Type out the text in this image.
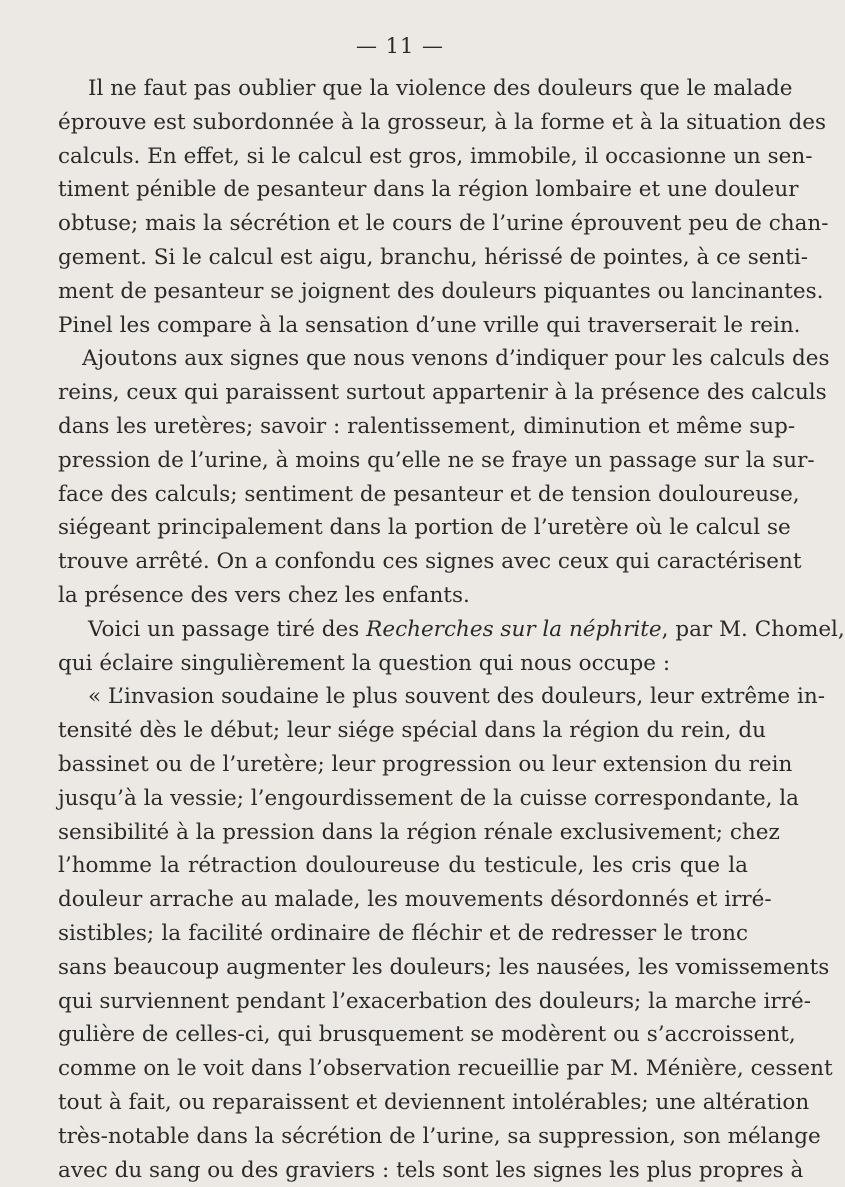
— 11 —
Il ne faut pas oublier que la violence des douleurs que le malade
éprouve est subordonnée à la grosseur, à la forme et à la situation des
calculs. En effet, si le calcul est gros, immobile, il occasionne un sen-
timent pénible de pesanteur dans la région lombaire et une douleur
obtuse; mais la sécrétion et le cours de l’urine éprouvent peu de chan-
gement. Si le calcul est aigu, branchu, hérissé de pointes, à ce senti-
ment de pesanteur se joignent des douleurs piquantes ou lancinantes.
Pinel les compare à la sensation d’une vrille qui traverserait le rein.
Ajoutons aux signes que nous venons d’indiquer pour les calculs des
reins, ceux qui paraissent surtout appartenir à la présence des calculs
dans les uretères; savoir : ralentissement, diminution et même sup-
pression de l’urine, à moins qu’elle ne se fraye un passage sur la sur-
face des calculs; sentiment de pesanteur et de tension douloureuse,
siégeant principalement dans la portion de l’uretère où le calcul se
trouve arrêté. On a confondu ces signes avec ceux qui caractérisent
la présence des vers chez les enfants.
Voici un passage tiré des Recherches sur la néphrite, par M. Chomel,
qui éclaire singulièrement la question qui nous occupe :
« L’invasion soudaine le plus souvent des douleurs, leur extrême in-
tensité dès le début; leur siége spécial dans la région du rein, du
bassinet ou de l’uretère; leur progression ou leur extension du rein
jusqu’à la vessie; l’engourdissement de la cuisse correspondante, la
sensibilité à la pression dans la région rénale exclusivement; chez
l’homme la rétraction douloureuse du testicule, les cris que la
douleur arrache au malade, les mouvements désordonnés et irré-
sistibles; la facilité ordinaire de fléchir et de redresser le tronc
sans beaucoup augmenter les douleurs; les nausées, les vomissements
qui surviennent pendant l’exacerbation des douleurs; la marche irré-
gulière de celles-ci, qui brusquement se modèrent ou s’accroissent,
comme on le voit dans l’observation recueillie par M. Ménière, cessent
tout à fait, ou reparaissent et deviennent intolérables; une altération
très-notable dans la sécrétion de l’urine, sa suppression, son mélange
avec du sang ou des graviers : tels sont les signes les plus propres à
